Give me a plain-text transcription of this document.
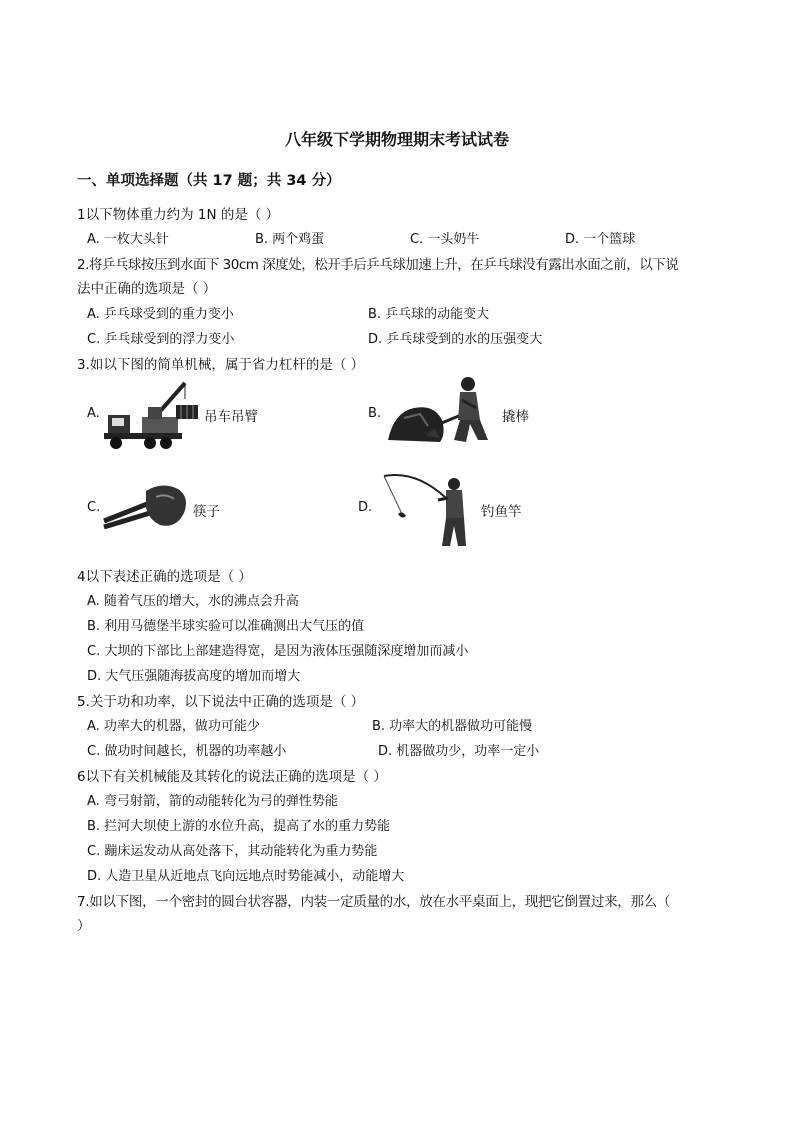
八年级下学期物理期末考试试卷
一、单项选择题（共 17 题；共 34 分）
1以下物体重力约为 1N 的是（ ）
A. 一枚大头针	B. 两个鸡蛋	C. 一头奶牛	D. 一个篮球
2.将乒乓球按压到水面下 30cm 深度处，松开手后乒乓球加速上升，在乒乓球没有露出水面之前，以下说
法中正确的选项是（ ）
A. 乒乓球受到的重力变小	B. 乒乓球的动能变大
C. 乒乓球受到的浮力变小	D. 乒乓球受到的水的压强变大
3.如以下图的简单机械，属于省力杠杆的是（ ）
A.	吊车吊臂	B.	撬棒
C.	筷子	D.	钓鱼竿
4以下表述正确的选项是（ ）
A. 随着气压的增大，水的沸点会升高
B. 利用马德堡半球实验可以准确测出大气压的值
C. 大坝的下部比上部建造得宽，是因为液体压强随深度增加而减小
D. 大气压强随海拔高度的增加而增大
5.关于功和功率，以下说法中正确的选项是（ ）
A. 功率大的机器，做功可能少	B. 功率大的机器做功可能慢
C. 做功时间越长，机器的功率越小	D. 机器做功少，功率一定小
6以下有关机械能及其转化的说法正确的选项是（ ）
A. 弯弓射箭，箭的动能转化为弓的弹性势能
B. 拦河大坝使上游的水位升高，提高了水的重力势能
C. 蹦床运发动从高处落下，其动能转化为重力势能
D. 人造卫星从近地点飞向远地点时势能减小，动能增大
7.如以下图，一个密封的圆台状容器，内装一定质量的水，放在水平桌面上，现把它倒置过来，那么（
）
